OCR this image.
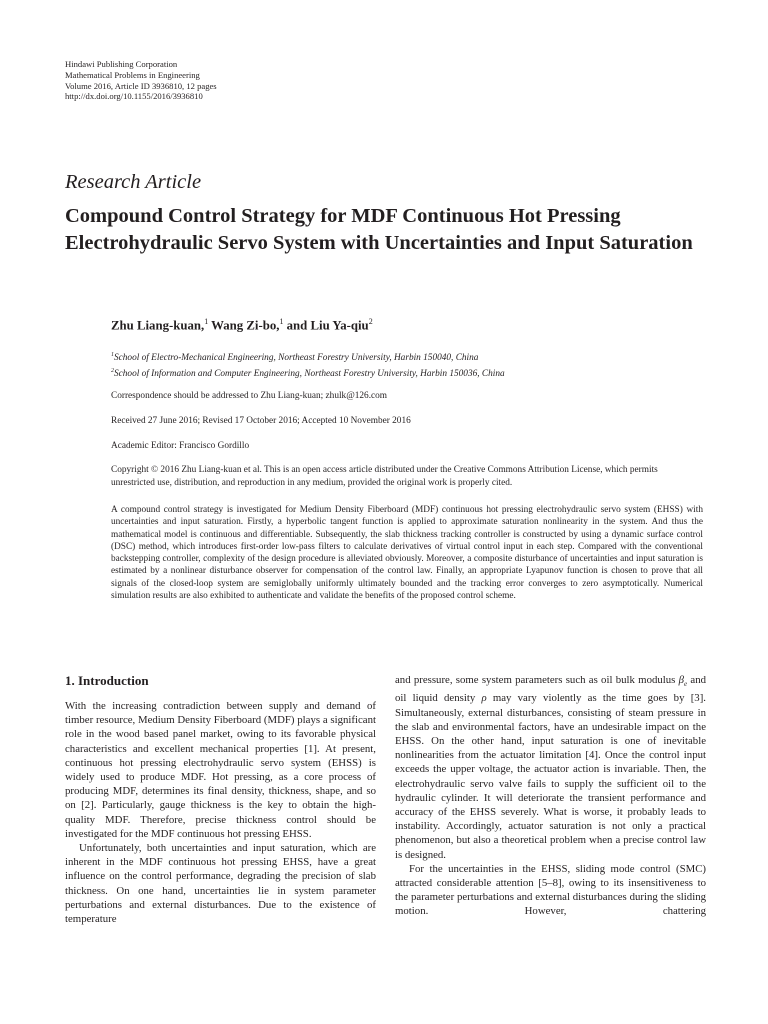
Hindawi Publishing Corporation
Mathematical Problems in Engineering
Volume 2016, Article ID 3936810, 12 pages
http://dx.doi.org/10.1155/2016/3936810
Research Article
Compound Control Strategy for MDF Continuous Hot Pressing Electrohydraulic Servo System with Uncertainties and Input Saturation
Zhu Liang-kuan,$^1$ Wang Zi-bo,$^1$ and Liu Ya-qiu$^2$
$^1$School of Electro-Mechanical Engineering, Northeast Forestry University, Harbin 150040, China
$^2$School of Information and Computer Engineering, Northeast Forestry University, Harbin 150036, China
Correspondence should be addressed to Zhu Liang-kuan; zhulk@126.com
Received 27 June 2016; Revised 17 October 2016; Accepted 10 November 2016
Academic Editor: Francisco Gordillo
Copyright © 2016 Zhu Liang-kuan et al. This is an open access article distributed under the Creative Commons Attribution License, which permits unrestricted use, distribution, and reproduction in any medium, provided the original work is properly cited.

A compound control strategy is investigated for Medium Density Fiberboard (MDF) continuous hot pressing electrohydraulic servo system (EHSS) with uncertainties and input saturation. Firstly, a hyperbolic tangent function is applied to approximate saturation nonlinearity in the system. And thus the mathematical model is continuous and differentiable. Subsequently, the slab thickness tracking controller is constructed by using a dynamic surface control (DSC) method, which introduces first-order low-pass filters to calculate derivatives of virtual control input in each step. Compared with the conventional backstepping controller, complexity of the design procedure is alleviated obviously. Moreover, a composite disturbance of uncertainties and input saturation is estimated by a nonlinear disturbance observer for compensation of the control law. Finally, an appropriate Lyapunov function is chosen to prove that all signals of the closed-loop system are semiglobally uniformly ultimately bounded and the tracking error converges to zero asymptotically. Numerical simulation results are also exhibited to authenticate and validate the benefits of the proposed control scheme.

1. Introduction

With the increasing contradiction between supply and demand of timber resource, Medium Density Fiberboard (MDF) plays a significant role in the wood based panel market, owing to its favorable physical characteristics and excellent mechanical properties [1]. At present, continuous hot pressing electrohydraulic servo system (EHSS) is widely used to produce MDF. Hot pressing, as a core process of producing MDF, determines its final density, thickness, shape, and so on [2]. Particularly, gauge thickness is the key to obtain the high-quality MDF. Therefore, precise thickness control should be investigated for the MDF continuous hot pressing EHSS.

Unfortunately, both uncertainties and input saturation, which are inherent in the MDF continuous hot pressing EHSS, have a great influence on the control performance, degrading the precision of slab thickness. On one hand, uncertainties lie in system parameter perturbations and external disturbances. Due to the existence of temperature

and pressure, some system parameters such as oil bulk modulus $\beta_e$ and oil liquid density ρ may vary violently as the time goes by [3]. Simultaneously, external disturbances, consisting of steam pressure in the slab and environmental factors, have an undesirable impact on the EHSS. On the other hand, input saturation is one of inevitable nonlinearities from the actuator limitation [4]. Once the control input exceeds the upper voltage, the actuator action is invariable. Then, the electrohydraulic servo valve fails to supply the sufficient oil to the hydraulic cylinder. It will deteriorate the transient performance and accuracy of the EHSS severely. What is worse, it probably leads to instability. Accordingly, actuator saturation is not only a practical phenomenon, but also a theoretical problem when a precise control law is designed.

For the uncertainties in the EHSS, sliding mode control (SMC) attracted considerable attention [5–8], owing to its insensitiveness to the parameter perturbations and external disturbances during the sliding motion. However, chattering
